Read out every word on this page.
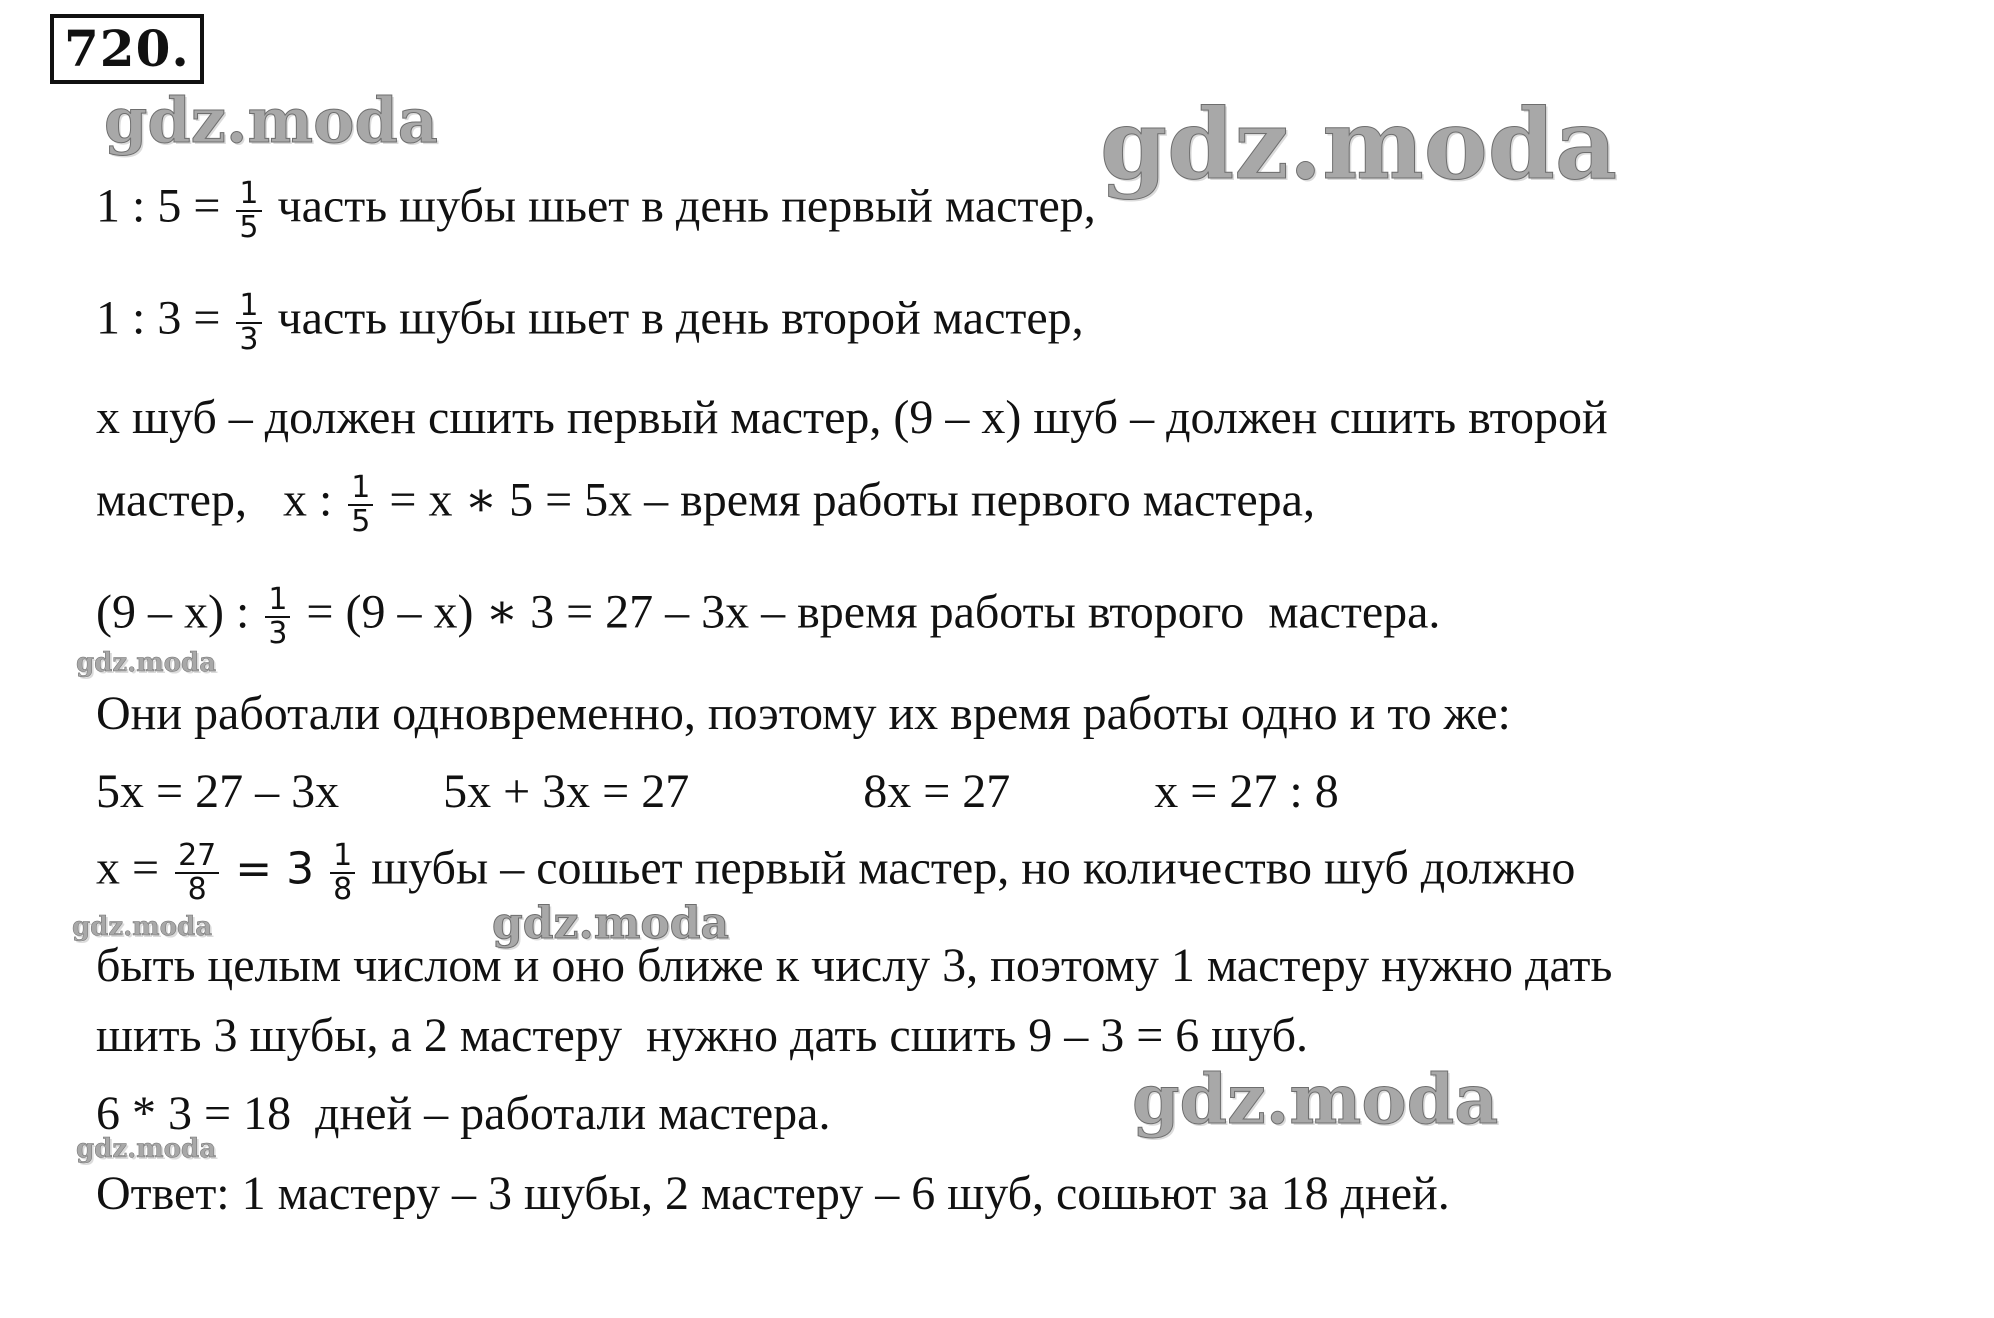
720.
gdz.moda	gdz.moda
gdz.moda
gdz.moda	gdz.moda
gdz.moda
gdz.moda
1 : $5 = \frac{1}{5}$ часть шубы шьет в день первый мастер,
1 : $3 = \frac{1}{3}$ часть шубы шьет в день второй мастер,
x шуб – должен сшить первый мастер, (9 – x) шуб – должен сшить второй
мастер,   x : $\frac{1}{5} = x$ ∗ 5 = 5x – время работы первого мастера,
(9 – x) : $\frac{1}{3} = (9 - x)$ ∗ 3 = 27 – 3x – время работы второго  мастера.
Они работали одновременно, поэтому их время работы одно и то же:
5x = 27 – 3x 5x + 3x = 27	8x = 27	x = 27 : 8
$x = \frac{27}{8} = 3 \frac{1}{8}$ шубы – сошьет первый мастер, но количество шуб должно
быть целым числом и оно ближе к числу 3, поэтому 1 мастеру нужно дать
шить 3 шубы, а 2 мастеру  нужно дать сшить 9 – 3 = 6 шуб.
6 * 3 = 18  дней – работали мастера.
Ответ: 1 мастеру – 3 шубы, 2 мастеру – 6 шуб, сошьют за 18 дней.
